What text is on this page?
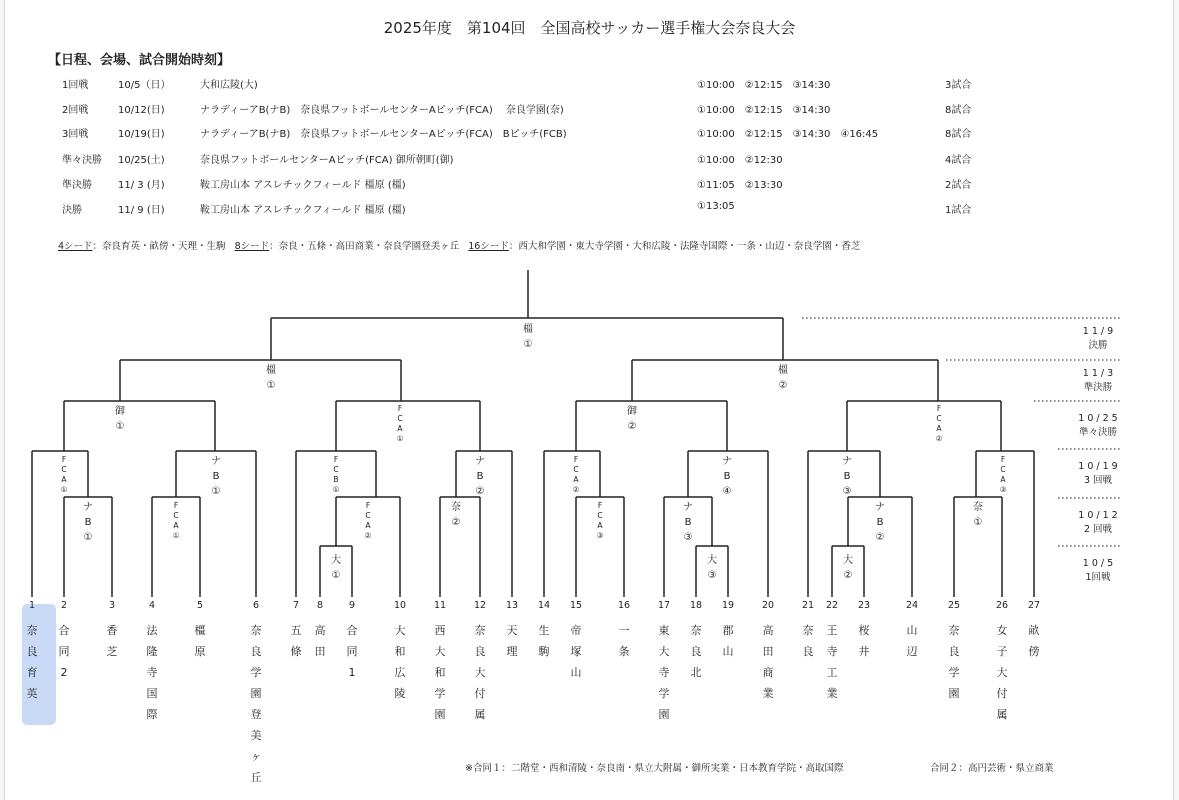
2025年度　第104回　全国高校サッカー選手権大会奈良大会
【日程、会場、試合開始時刻】
1回戦	10/5（日）	大和広陵(大)	①10:00　②12:15　③14:30	3試合
2回戦	10/12(日)	ナラディーアB(ナB)　奈良県フットボールセンターAピッチ(FCA)　 奈良学園(奈)	①10:00　②12:15　③14:30	8試合
3回戦	10/19(日)	ナラディーアB(ナB)　奈良県フットボールセンターAピッチ(FCA)　Bピッチ(FCB)	①10:00　②12:15　③14:30　④16:45	8試合
準々決勝 10/25(土)	奈良県フットボールセンターAピッチ(FCA) 御所朝町(御)	①10:00　②12:30	4試合
準決勝	11/ 3 (月)	鞍工房山本 アスレチックフィールド 橿原 (橿)	①11:05　②13:30	2試合
決勝	11/ 9 (日)	鞍工房山本 アスレチックフィールド 橿原 (橿)	①13:05	1試合
4シード：奈良育英・畝傍・天理・生駒 8シード：奈良・五條・高田商業・奈良学園登美ヶ丘 16シード：西大和学園・東大寺学園・大和広陵・法隆寺国際・一条・山辺・奈良学園・香芝
橿
①
橿
①
橿
②
御
①
F
C
A
①
御
②
F
C
A
②
F
C
A
①
ナ
B
①
F
C
B
①
ナ
B
②
F
C
A
②
ナ
B
④
ナ
B
③
F
C
A
③
ナ
B
①
F
C
A
①
F
C
A
②
奈
②
F
C
A
③
ナ
B
③
ナ
B
②
奈
①
大
①
大
③
大
②
1 1 / 9
決勝
1 1 / 3
準決勝
1 0 / 2 5
準々決勝
1 0 / 1 9
3 回戦
1 0 / 1 2
2 回戦
1 0 / 5
1回戦
1
奈
良
育
英
2
合
同
2
3
香
芝
4
法
隆
寺
国
際
5
橿
原
6
奈
良
学
園
登
美
ヶ
丘
7
五
條
8
高
田
9
合
同
1
10
大
和
広
陵
11
西
大
和
学
園
12
奈
良
大
付
属
13
天
理
14
生
駒
15
帝
塚
山
16
一
条
17
東
大
寺
学
園
18
奈
良
北
19
郡
山
20
高
田
商
業
21
奈
良
22
王
寺
工
業
23
桜
井
24
山
辺
25
奈
良
学
園
26
女
子
大
付
属
27
畝
傍
※合同１：二階堂・西和清陵・奈良南・県立大附属・御所実業・日本教育学院・高取国際	合同２：高円芸術・県立商業
